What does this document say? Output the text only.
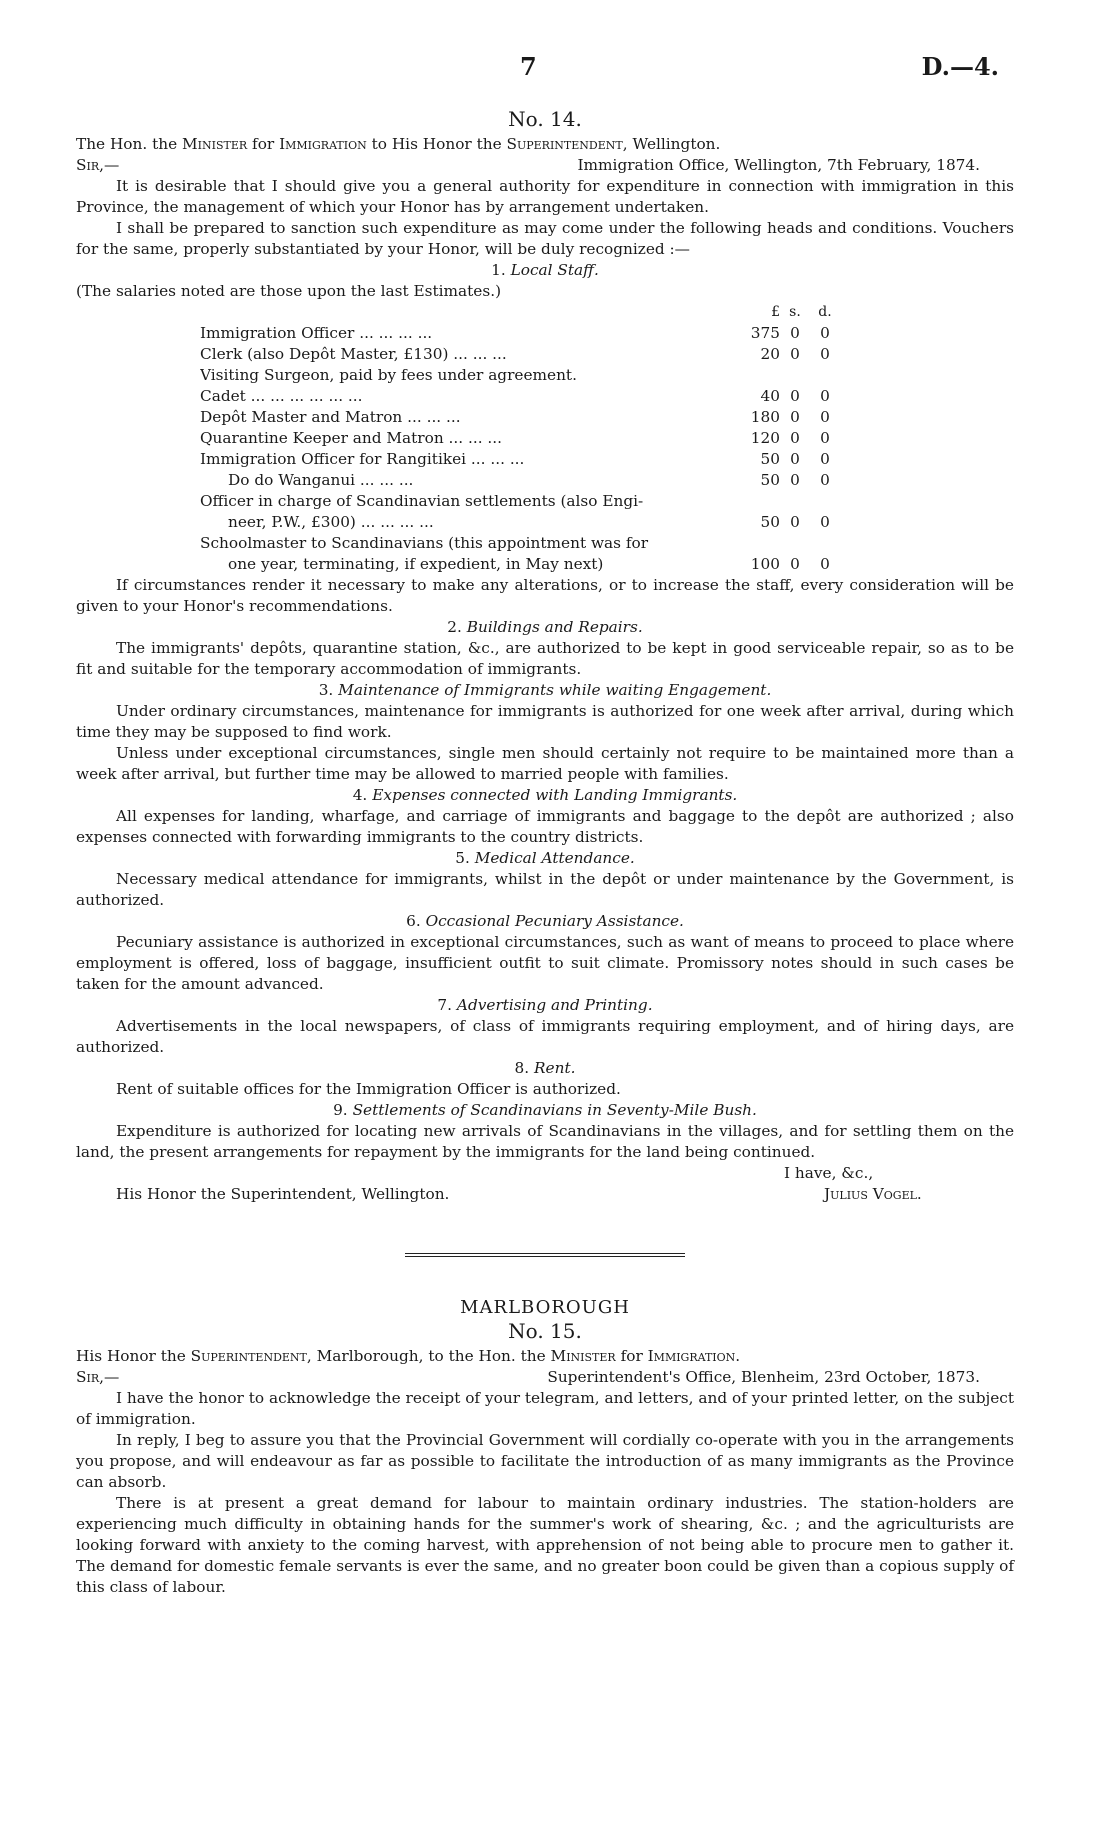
7	D.—4.
No. 14.

The Hon. the Minister for Immigration to His Honor the Superintendent, Wellington.

Sir,—	Immigration Office, Wellington, 7th February, 1874.

It is desirable that I should give you a general authority for expenditure in connection with immigration in this Province, the management of which your Honor has by arrangement undertaken.

I shall be prepared to sanction such expenditure as may come under the following heads and conditions. Vouchers for the same, properly substantiated by your Honor, will be duly recognized :—

1. Local Staff.

(The salaries noted are those upon the last Estimates.)

£ s.	d.
Immigration Officer ... ... ... ...	375 0	0
Clerk (also Depôt Master, £130) ... ... ...	20 0	0
Visiting Surgeon, paid by fees under agreement.
Cadet ... ... ... ... ... ...	40 0	0
Depôt Master and Matron ... ... ...	180 0	0
Quarantine Keeper and Matron ... ... ...	120 0	0
Immigration Officer for Rangitikei ... ... ...	50 0	0
Do do Wanganui ... ... ...	50 0	0
Officer in charge of Scandinavian settlements (also Engi-
neer, P.W., £300) ... ... ... ...	50 0	0
Schoolmaster to Scandinavians (this appointment was for
one year, terminating, if expedient, in May next)	100 0	0

If circumstances render it necessary to make any alterations, or to increase the staff, every consideration will be given to your Honor's recommendations.

2. Buildings and Repairs.

The immigrants' depôts, quarantine station, &c., are authorized to be kept in good serviceable repair, so as to be fit and suitable for the temporary accommodation of immigrants.

3. Maintenance of Immigrants while waiting Engagement.

Under ordinary circumstances, maintenance for immigrants is authorized for one week after arrival, during which time they may be supposed to find work.

Unless under exceptional circumstances, single men should certainly not require to be maintained more than a week after arrival, but further time may be allowed to married people with families.

4. Expenses connected with Landing Immigrants.

All expenses for landing, wharfage, and carriage of immigrants and baggage to the depôt are authorized ; also expenses connected with forwarding immigrants to the country districts.

5. Medical Attendance.

Necessary medical attendance for immigrants, whilst in the depôt or under maintenance by the Government, is authorized.

6. Occasional Pecuniary Assistance.

Pecuniary assistance is authorized in exceptional circumstances, such as want of means to proceed to place where employment is offered, loss of baggage, insufficient outfit to suit climate. Promissory notes should in such cases be taken for the amount advanced.

7. Advertising and Printing.

Advertisements in the local newspapers, of class of immigrants requiring employment, and of hiring days, are authorized.

8. Rent.

Rent of suitable offices for the Immigration Officer is authorized.

9. Settlements of Scandinavians in Seventy-Mile Bush.

Expenditure is authorized for locating new arrivals of Scandinavians in the villages, and for settling them on the land, the present arrangements for repayment by the immigrants for the land being continued.

His Honor the Superintendent, Wellington.
I have, &c.,
Julius Vogel.
MARLBOROUGH
No. 15.

His Honor the Superintendent, Marlborough, to the Hon. the Minister for Immigration.

Sir,—	Superintendent's Office, Blenheim, 23rd October, 1873.

I have the honor to acknowledge the receipt of your telegram, and letters, and of your printed letter, on the subject of immigration.

In reply, I beg to assure you that the Provincial Government will cordially co-operate with you in the arrangements you propose, and will endeavour as far as possible to facilitate the introduction of as many immigrants as the Province can absorb.

There is at present a great demand for labour to maintain ordinary industries. The station-holders are experiencing much difficulty in obtaining hands for the summer's work of shearing, &c. ; and the agriculturists are looking forward with anxiety to the coming harvest, with apprehension of not being able to procure men to gather it. The demand for domestic female servants is ever the same, and no greater boon could be given than a copious supply of this class of labour.
